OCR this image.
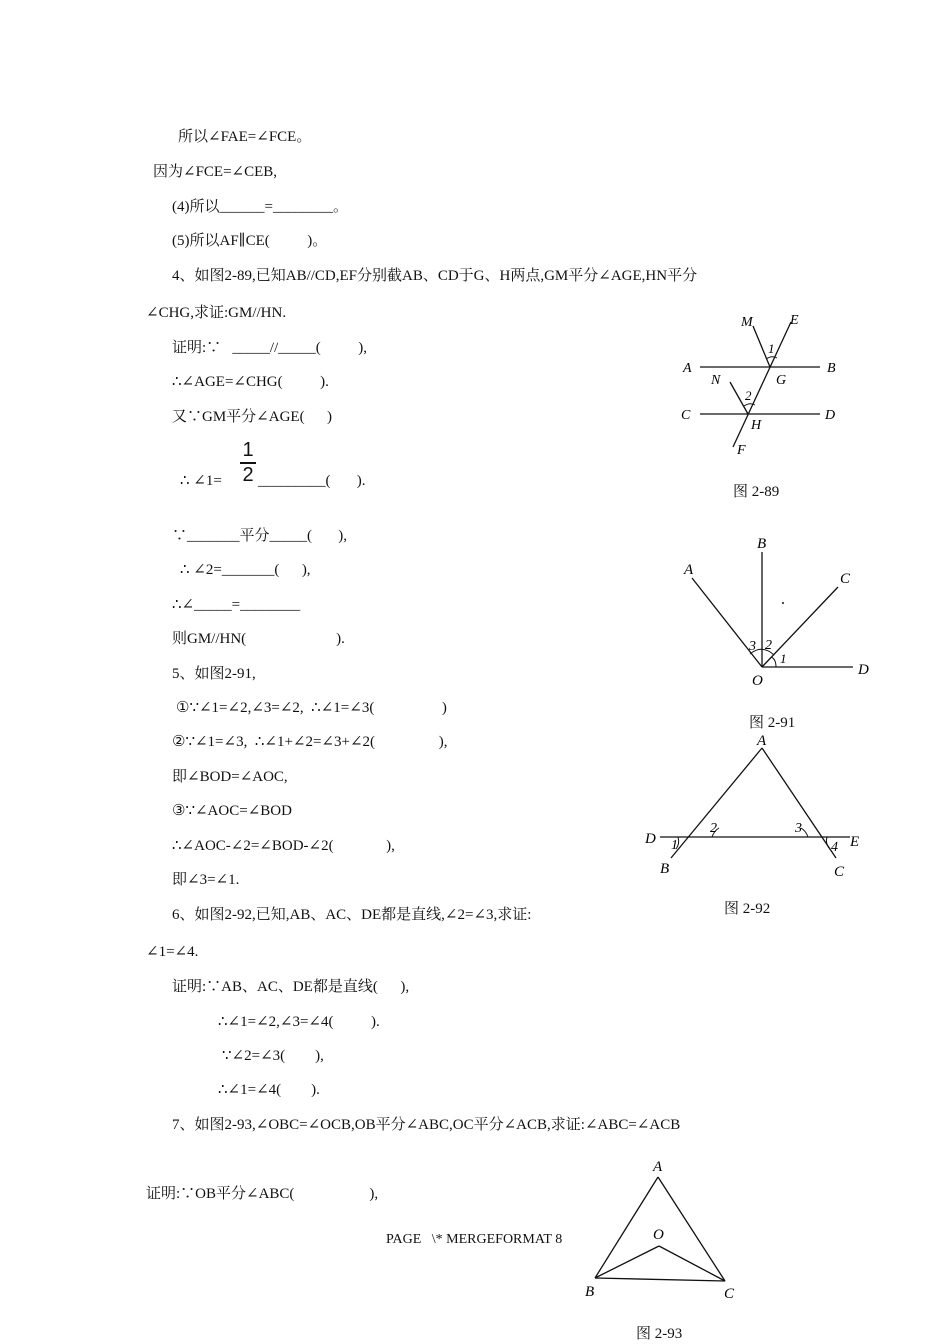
所以∠FAE=∠FCE。
因为∠FCE=∠CEB,
(4)所以______=________。
(5)所以AF∥CE(          )。
4、如图2-89,已知AB//CD,EF分别截AB、CD于G、H两点,GM平分∠AGE,HN平分
∠CHG,求证:GM//HN.
证明:∵   _____//_____(          ),
∴∠AGE=∠CHG(          ).
又∵GM平分∠AGE(      )
∴ ∠1=
1
2 _________(       ).
∵_______平分_____(       ),
∴ ∠2=_______(      ),
∴∠_____=________
则GM//HN(                        ).
5、如图2-91,
①∵∠1=∠2,∠3=∠2,  ∴∠1=∠3(                  )
②∵∠1=∠3,  ∴∠1+∠2=∠3+∠2(                 ),
即∠BOD=∠AOC,
③∵∠AOC=∠BOD
∴∠AOC-∠2=∠BOD-∠2(              ),
即∠3=∠1.
6、如图2-92,已知,AB、AC、DE都是直线,∠2=∠3,求证:
∠1=∠4.
证明:∵AB、AC、DE都是直线(      ),
∴∠1=∠2,∠3=∠4(          ).
∵∠2=∠3(        ),
∴∠1=∠4(        ).
7、如图2-93,∠OBC=∠OCB,OB平分∠ABC,OC平分∠ACB,求证:∠ABC=∠ACB
证明:∵OB平分∠ABC(                    ),
M	E
1
A	B
N	G
2
C	D
H
F
图 2-89
B
A
C
3 2
1
O
D
图 2-91
A
2	3
D	E
1	4
B	C
图 2-92
A
O
B	C
图 2-93
PAGE   \* MERGEFORMAT 8
